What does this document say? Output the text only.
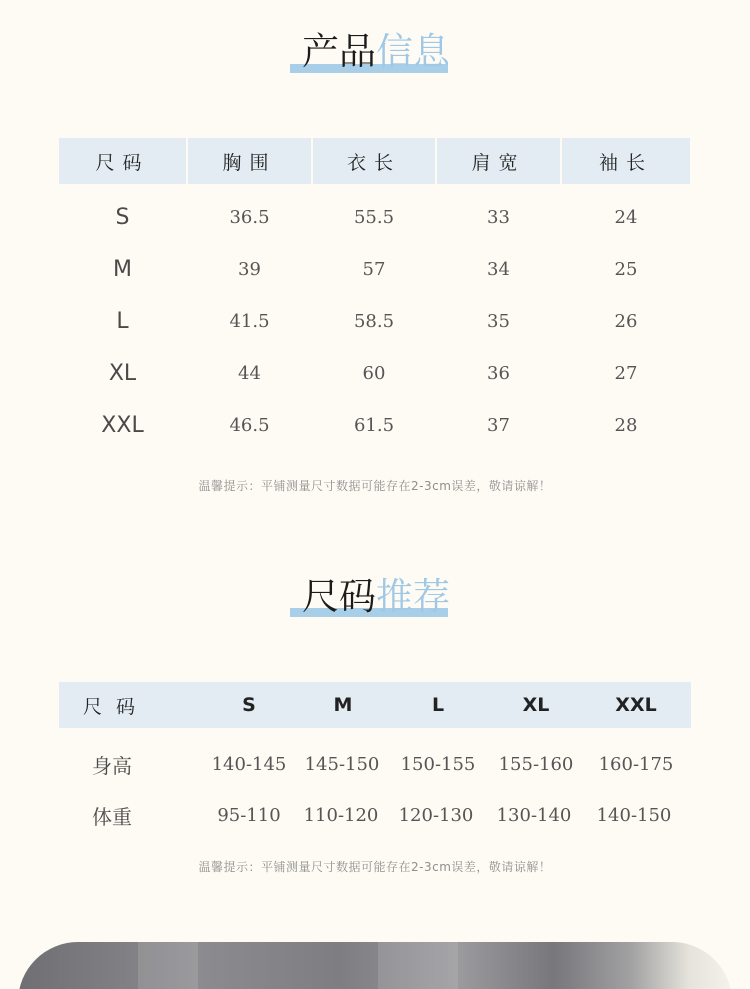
产品信息
尺码	胸围	衣长	肩宽	袖长
S	36.5	55.5	33	24
M	39	57	34	25
L	41.5	58.5	35	26
XL	44	60	36	27
XXL	46.5	61.5	37	28
温馨提示：平铺测量尺寸数据可能存在2-3cm误差，敬请谅解！
尺码推荐
尺码	S	M	L	XL	XXL
身高	140-145	145-150	150-155	155-160	160-175
体重	95-110	110-120	120-130	130-140	140-150
温馨提示：平铺测量尺寸数据可能存在2-3cm误差，敬请谅解！
